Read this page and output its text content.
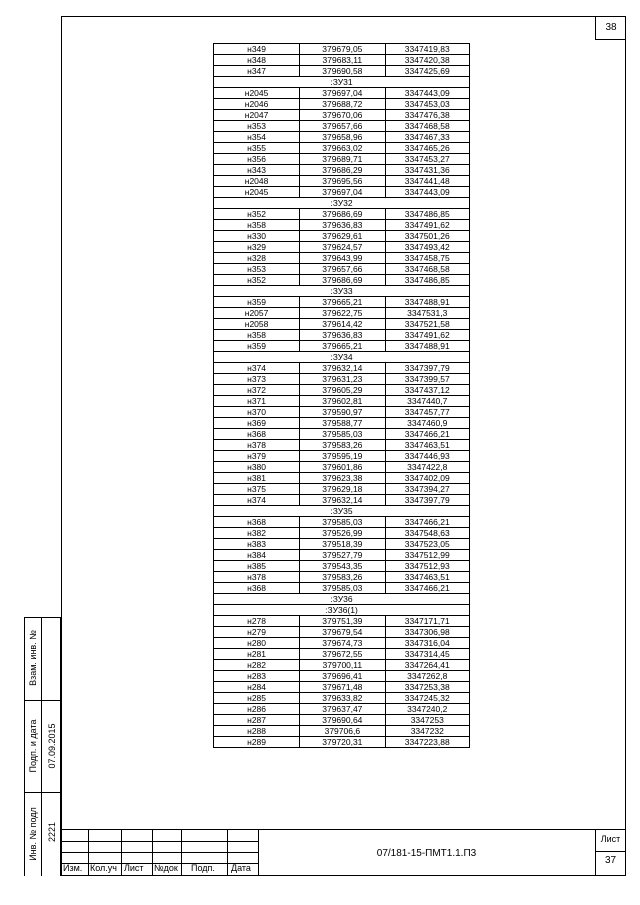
38
н349	379679,05	3347419,83
н348	379683,11	3347420,38
н347	379690,58	3347425,69
:ЗУ31		
н2045	379697,04	3347443,09
н2046	379688,72	3347453,03
н2047	379670,06	3347476,38
н353	379657,66	3347468,58
н354	379658,96	3347467,33
н355	379663,02	3347465,26
н356	379689,71	3347453,27
н343	379686,29	3347431,36
н2048	379695,56	3347441,48
н2045	379697,04	3347443,09
:ЗУ32		
н352	379686,69	3347486,85
н358	379636,83	3347491,62
н330	379629,61	3347501,26
н329	379624,57	3347493,42
н328	379643,99	3347458,75
н353	379657,66	3347468,58
н352	379686,69	3347486,85
:ЗУ33		
н359	379665,21	3347488,91
н2057	379622,75	3347531,3
н2058	379614,42	3347521,58
н358	379636,83	3347491,62
н359	379665,21	3347488,91
:ЗУ34		
н374	379632,14	3347397,79
н373	379631,23	3347399,57
н372	379605,29	3347437,12
н371	379602,81	3347440,7
н370	379590,97	3347457,77
н369	379588,77	3347460,9
н368	379585,03	3347466,21
н378	379583,26	3347463,51
н379	379595,19	3347446,93
н380	379601,86	3347422,8
н381	379623,38	3347402,09
н375	379629,18	3347394,27
н374	379632,14	3347397,79
:ЗУ35		
н368	379585,03	3347466,21
н382	379526,99	3347548,63
н383	379518,39	3347523,05
н384	379527,79	3347512,99
н385	379543,35	3347512,93
н378	379583,26	3347463,51
н368	379585,03	3347466,21
:ЗУ36		
:ЗУ36(1)		
н278	379751,39	3347171,71
н279	379679,54	3347306,98
н280	379674,73	3347316,04
н281	379672,55	3347314,45
н282	379700,11	3347264,41
н283	379696,41	3347262,8
н284	379671,48	3347253,38
н285	379633,82	3347245,32
н286	379637,47	3347240,2
н287	379690,64	3347253
н288	379706,6	3347232
н289	379720,31	3347223,88
Взам. инв. №
Подп. и дата 07.09.2015
Инв. № подл 2221
Изм. Кол.уч Лист №док Подп. Дата
07/181-15-ПМТ1.1.П3
Лист
37
